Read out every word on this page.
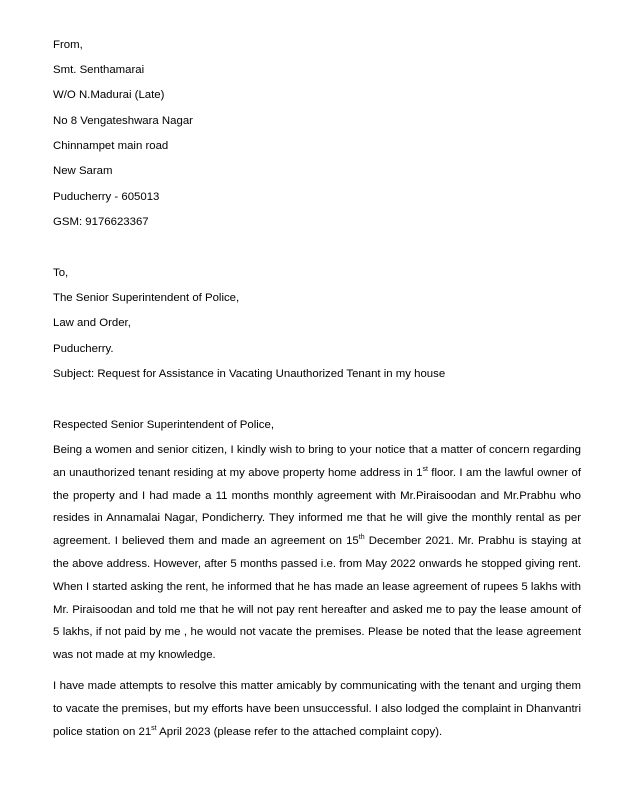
From,
Smt. Senthamarai
W/O N.Madurai (Late)
No 8 Vengateshwara Nagar
Chinnampet main road
New Saram
Puducherry - 605013
GSM: 9176623367
To,
The Senior Superintendent of Police,
Law and Order,
Puducherry.
Subject: Request for Assistance in Vacating Unauthorized Tenant in my house
Respected Senior Superintendent of Police,
Being a women and senior citizen, I kindly wish to bring to your notice that a matter of concern regarding an unauthorized tenant residing at my above property home address in 1st floor. I am the lawful owner of the property and I had made a 11 months monthly agreement with Mr.Piraisoodan and Mr.Prabhu who resides in Annamalai Nagar, Pondicherry. They informed me that he will give the monthly rental as per agreement. I believed them and made an agreement on 15th December 2021. Mr. Prabhu is staying at the above address. However, after 5 months passed i.e. from May 2022 onwards he stopped giving rent. When I started asking the rent, he informed that he has made an lease agreement of rupees 5 lakhs with Mr. Piraisoodan and told me that he will not pay rent hereafter and asked me to pay the lease amount of 5 lakhs, if not paid by me , he would not vacate the premises. Please be noted that the lease agreement was not made at my knowledge.
I have made attempts to resolve this matter amicably by communicating with the tenant and urging them to vacate the premises, but my efforts have been unsuccessful. I also lodged the complaint in Dhanvantri police station on 21st April 2023 (please refer to the attached complaint copy).
